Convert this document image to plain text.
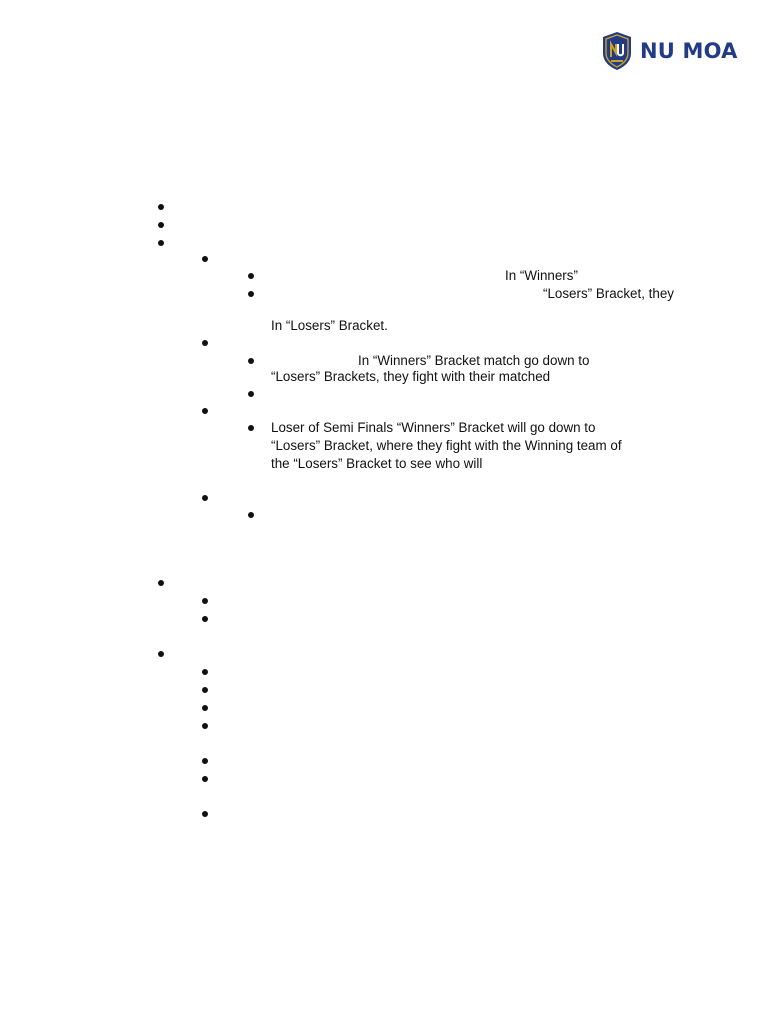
NU MOA
In “Winners”
“Losers” Bracket, they
In “Losers” Bracket.
In “Winners” Bracket match go down to
“Losers” Brackets, they fight with their matched
Loser of Semi Finals “Winners” Bracket will go down to
“Losers” Bracket, where they fight with the Winning team of
the “Losers” Bracket to see who will
